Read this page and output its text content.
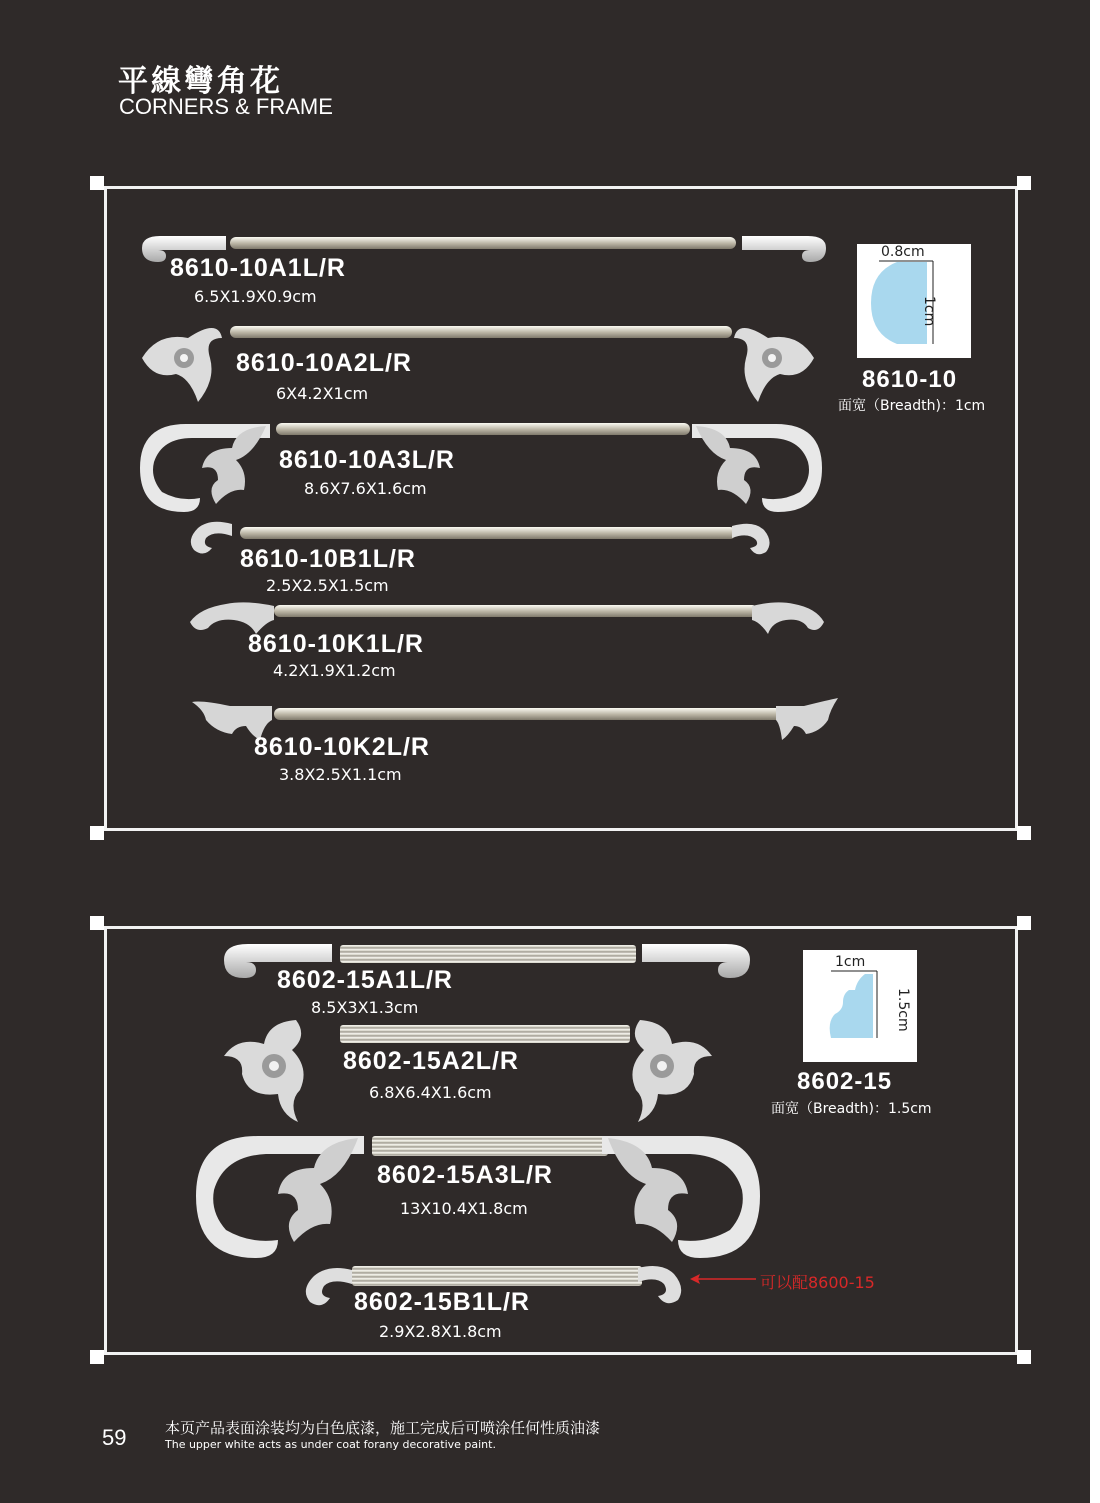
平線彎角花
CORNERS & FRAME
8610-10A1L/R
6.5X1.9X0.9cm
8610-10A2L/R
6X4.2X1cm
8610-10A3L/R
8.6X7.6X1.6cm
8610-10B1L/R
2.5X2.5X1.5cm
8610-10K1L/R
4.2X1.9X1.2cm
8610-10K2L/R
3.8X2.5X1.1cm
0.8cm
1cm
8610-10
面宽（Breadth)：1cm
8602-15A1L/R
8.5X3X1.3cm
8602-15A2L/R
6.8X6.4X1.6cm
8602-15A3L/R
13X10.4X1.8cm
可以配8600-15
8602-15B1L/R
2.9X2.8X1.8cm
1cm
1.5cm
8602-15
面宽（Breadth)：1.5cm
59	本页产品表面涂装均为白色底漆，施工完成后可喷涂任何性质油漆
The upper white acts as under coat forany decorative paint.
